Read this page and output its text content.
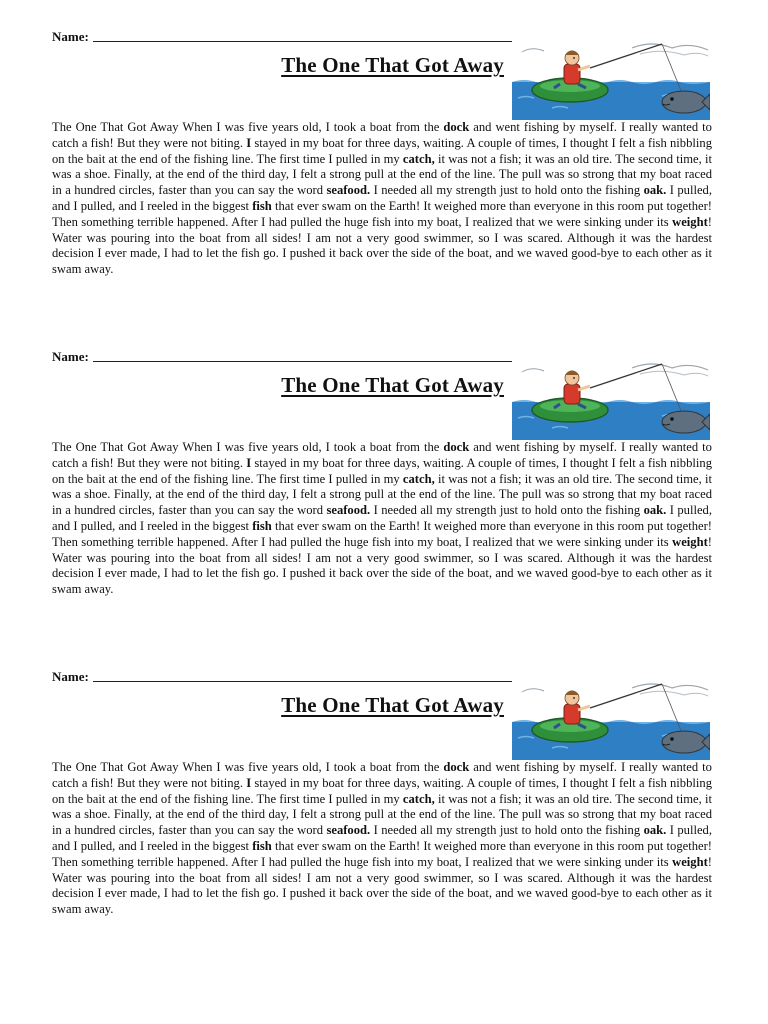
Name:
The One That Got Away

The One That Got Away When I was five years old, I took a boat from the dock and went fishing by myself. I really wanted to catch a fish! But they were not biting. I stayed in my boat for three days, waiting. A couple of times, I thought I felt a fish nibbling on the bait at the end of the fishing line. The first time I pulled in my catch, it was not a fish; it was an old tire. The second time, it was a shoe. Finally, at the end of the third day, I felt a strong pull at the end of the line. The pull was so strong that my boat raced in a hundred circles, faster than you can say the word seafood. I needed all my strength just to hold onto the fishing oak. I pulled, and I pulled, and I reeled in the biggest fish that ever swam on the Earth! It weighed more than everyone in this room put together! Then something terrible happened. After I had pulled the huge fish into my boat, I realized that we were sinking under its weight! Water was pouring into the boat from all sides! I am not a very good swimmer, so I was scared. Although it was the hardest decision I ever made, I had to let the fish go. I pushed it back over the side of the boat, and we waved good-bye to each other as it swam away.

Name:
The One That Got Away

The One That Got Away When I was five years old, I took a boat from the dock and went fishing by myself. I really wanted to catch a fish! But they were not biting. I stayed in my boat for three days, waiting. A couple of times, I thought I felt a fish nibbling on the bait at the end of the fishing line. The first time I pulled in my catch, it was not a fish; it was an old tire. The second time, it was a shoe. Finally, at the end of the third day, I felt a strong pull at the end of the line. The pull was so strong that my boat raced in a hundred circles, faster than you can say the word seafood. I needed all my strength just to hold onto the fishing oak. I pulled, and I pulled, and I reeled in the biggest fish that ever swam on the Earth! It weighed more than everyone in this room put together! Then something terrible happened. After I had pulled the huge fish into my boat, I realized that we were sinking under its weight! Water was pouring into the boat from all sides! I am not a very good swimmer, so I was scared. Although it was the hardest decision I ever made, I had to let the fish go. I pushed it back over the side of the boat, and we waved good-bye to each other as it swam away.

Name:
The One That Got Away

The One That Got Away When I was five years old, I took a boat from the dock and went fishing by myself. I really wanted to catch a fish! But they were not biting. I stayed in my boat for three days, waiting. A couple of times, I thought I felt a fish nibbling on the bait at the end of the fishing line. The first time I pulled in my catch, it was not a fish; it was an old tire. The second time, it was a shoe. Finally, at the end of the third day, I felt a strong pull at the end of the line. The pull was so strong that my boat raced in a hundred circles, faster than you can say the word seafood. I needed all my strength just to hold onto the fishing oak. I pulled, and I pulled, and I reeled in the biggest fish that ever swam on the Earth! It weighed more than everyone in this room put together! Then something terrible happened. After I had pulled the huge fish into my boat, I realized that we were sinking under its weight! Water was pouring into the boat from all sides! I am not a very good swimmer, so I was scared. Although it was the hardest decision I ever made, I had to let the fish go. I pushed it back over the side of the boat, and we waved good-bye to each other as it swam away.
